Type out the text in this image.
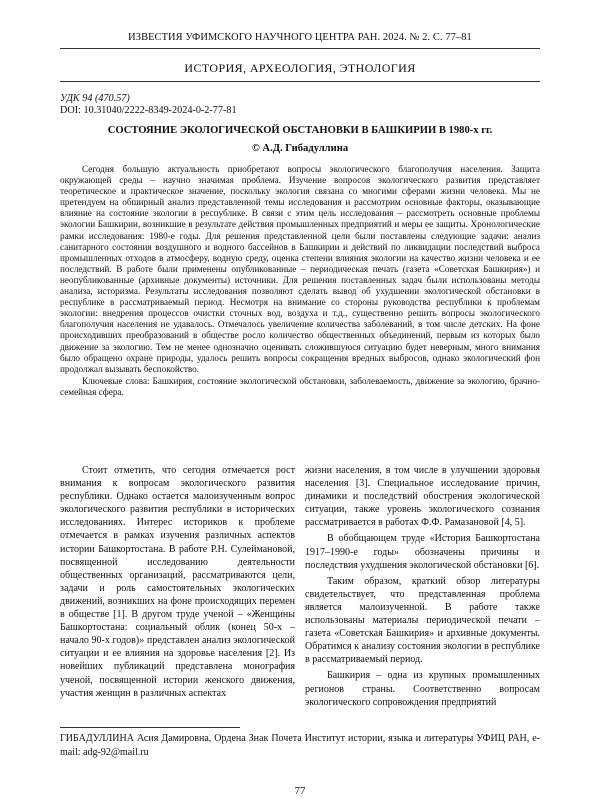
ИЗВЕСТИЯ УФИМСКОГО НАУЧНОГО ЦЕНТРА РАН. 2024. № 2. С. 77–81
ИСТОРИЯ, АРХЕОЛОГИЯ, ЭТНОЛОГИЯ
УДК 94 (470.57)
DOI: 10.31040/2222-8349-2024-0-2-77-81
СОСТОЯНИЕ ЭКОЛОГИЧЕСКОЙ ОБСТАНОВКИ В БАШКИРИИ В 1980-х гг.
© А.Д. Гибадуллина

Сегодня большую актуальность приобретают вопросы экологического благополучия населения. Защита окружающей среды – научно значимая проблема. Изучение вопросов экологического развития представляет теоретическое и практическое значение, поскольку экология связана со многими сферами жизни человека. Мы не претендуем на обширный анализ представленной темы исследования и рассмотрим основные факторы, оказывающие влияние на состояние экологии в республике. В связи с этим цель исследования – рассмотреть основные проблемы экологии Башкирии, возникшие в результате действия промышленных предприятий и меры ее защиты. Хронологические рамки исследования: 1980-е годы. Для решения представленной цели были поставлены следующие задачи: анализ санитарного состояния воздушного и водного бассейнов в Башкирии и действий по ликвидации последствий выброса промышленных отходов в атмосферу, водную среду, оценка степени влияния экологии на качество жизни человека и ее последствий. В работе были применены опубликованные – периодическая печать (газета «Советская Башкирия») и неопубликованные (архивные документы) источники. Для решения поставленных задач были использованы методы анализа, историзма. Результаты исследования позволяют сделать вывод об ухудшении экологической обстановки в республике в рассматриваемый период. Несмотря на внимание со стороны руководства республики к проблемам экологии: внедрения процессов очистки сточных вод, воздуха и т.д., существенно решить вопросы экологического благополучия населения не удавалось. Отмечалось увеличение количества заболеваний, в том числе детских. На фоне происходивших преобразований в обществе росло количество общественных объединений, первым из которых было движение за экологию. Тем не менее однозначно оценивать сложившуюся ситуацию будет неверным, много внимания было обращено охране природы, удалось решить вопросы сокращения вредных выбросов, однако экологический фон продолжал вызывать беспокойство.

Ключевые слова: Башкирия, состояние экологической обстановки, заболеваемость, движение за экологию, брачно-семейная сфера.

Стоит отметить, что сегодня отмечается рост внимания к вопросам экологического развития республики. Однако остается малоизученным вопрос экологического развития республики в исторических исследованиях. Интерес историков к проблеме отмечается в рамках изучения различных аспектов истории Башкортостана. В работе Р.Н. Сулеймановой, посвященной исследованию деятельности общественных организаций, рассматриваются цели, задачи и роль самостоятельных экологических движений, возникших на фоне происходящих перемен в обществе [1]. В другом труде ученой – «Женщины Башкортостана: социальный облик (конец 50-х – начало 90-х годов)» представлен анализ экологической ситуации и ее влияния на здоровье населения [2]. Из новейших публикаций представлена монография ученой, посвященной истории женского движения, участия женщин в различных аспектах

жизни населения, в том числе в улучшении здоровья населения [3]. Специальное исследование причин, динамики и последствий обострения экологической ситуации, также уровень экологического сознания рассматривается в работах Ф.Ф. Рамазановой [4, 5].

В обобщающем труде «История Башкортостана 1917–1990-е годы» обозначены причины и последствия ухудшения экологической обстановки [6].

Таким образом, краткий обзор литературы свидетельствует, что представленная проблема является малоизученной. В работе также использованы материалы периодической печати – газета «Советская Башкирия» и архивные документы. Обратимся к анализу состояния экологии в республике в рассматриваемый период.

Башкирия – одна из крупных промышленных регионов страны. Соответственно вопросам экологического сопровождения предприятий

ГИБАДУЛЛИНА Асия Дамировна, Ордена Знак Почета Институт истории, языка и литературы УФИЦ РАН, e-mail: adg-92@mail.ru
77
